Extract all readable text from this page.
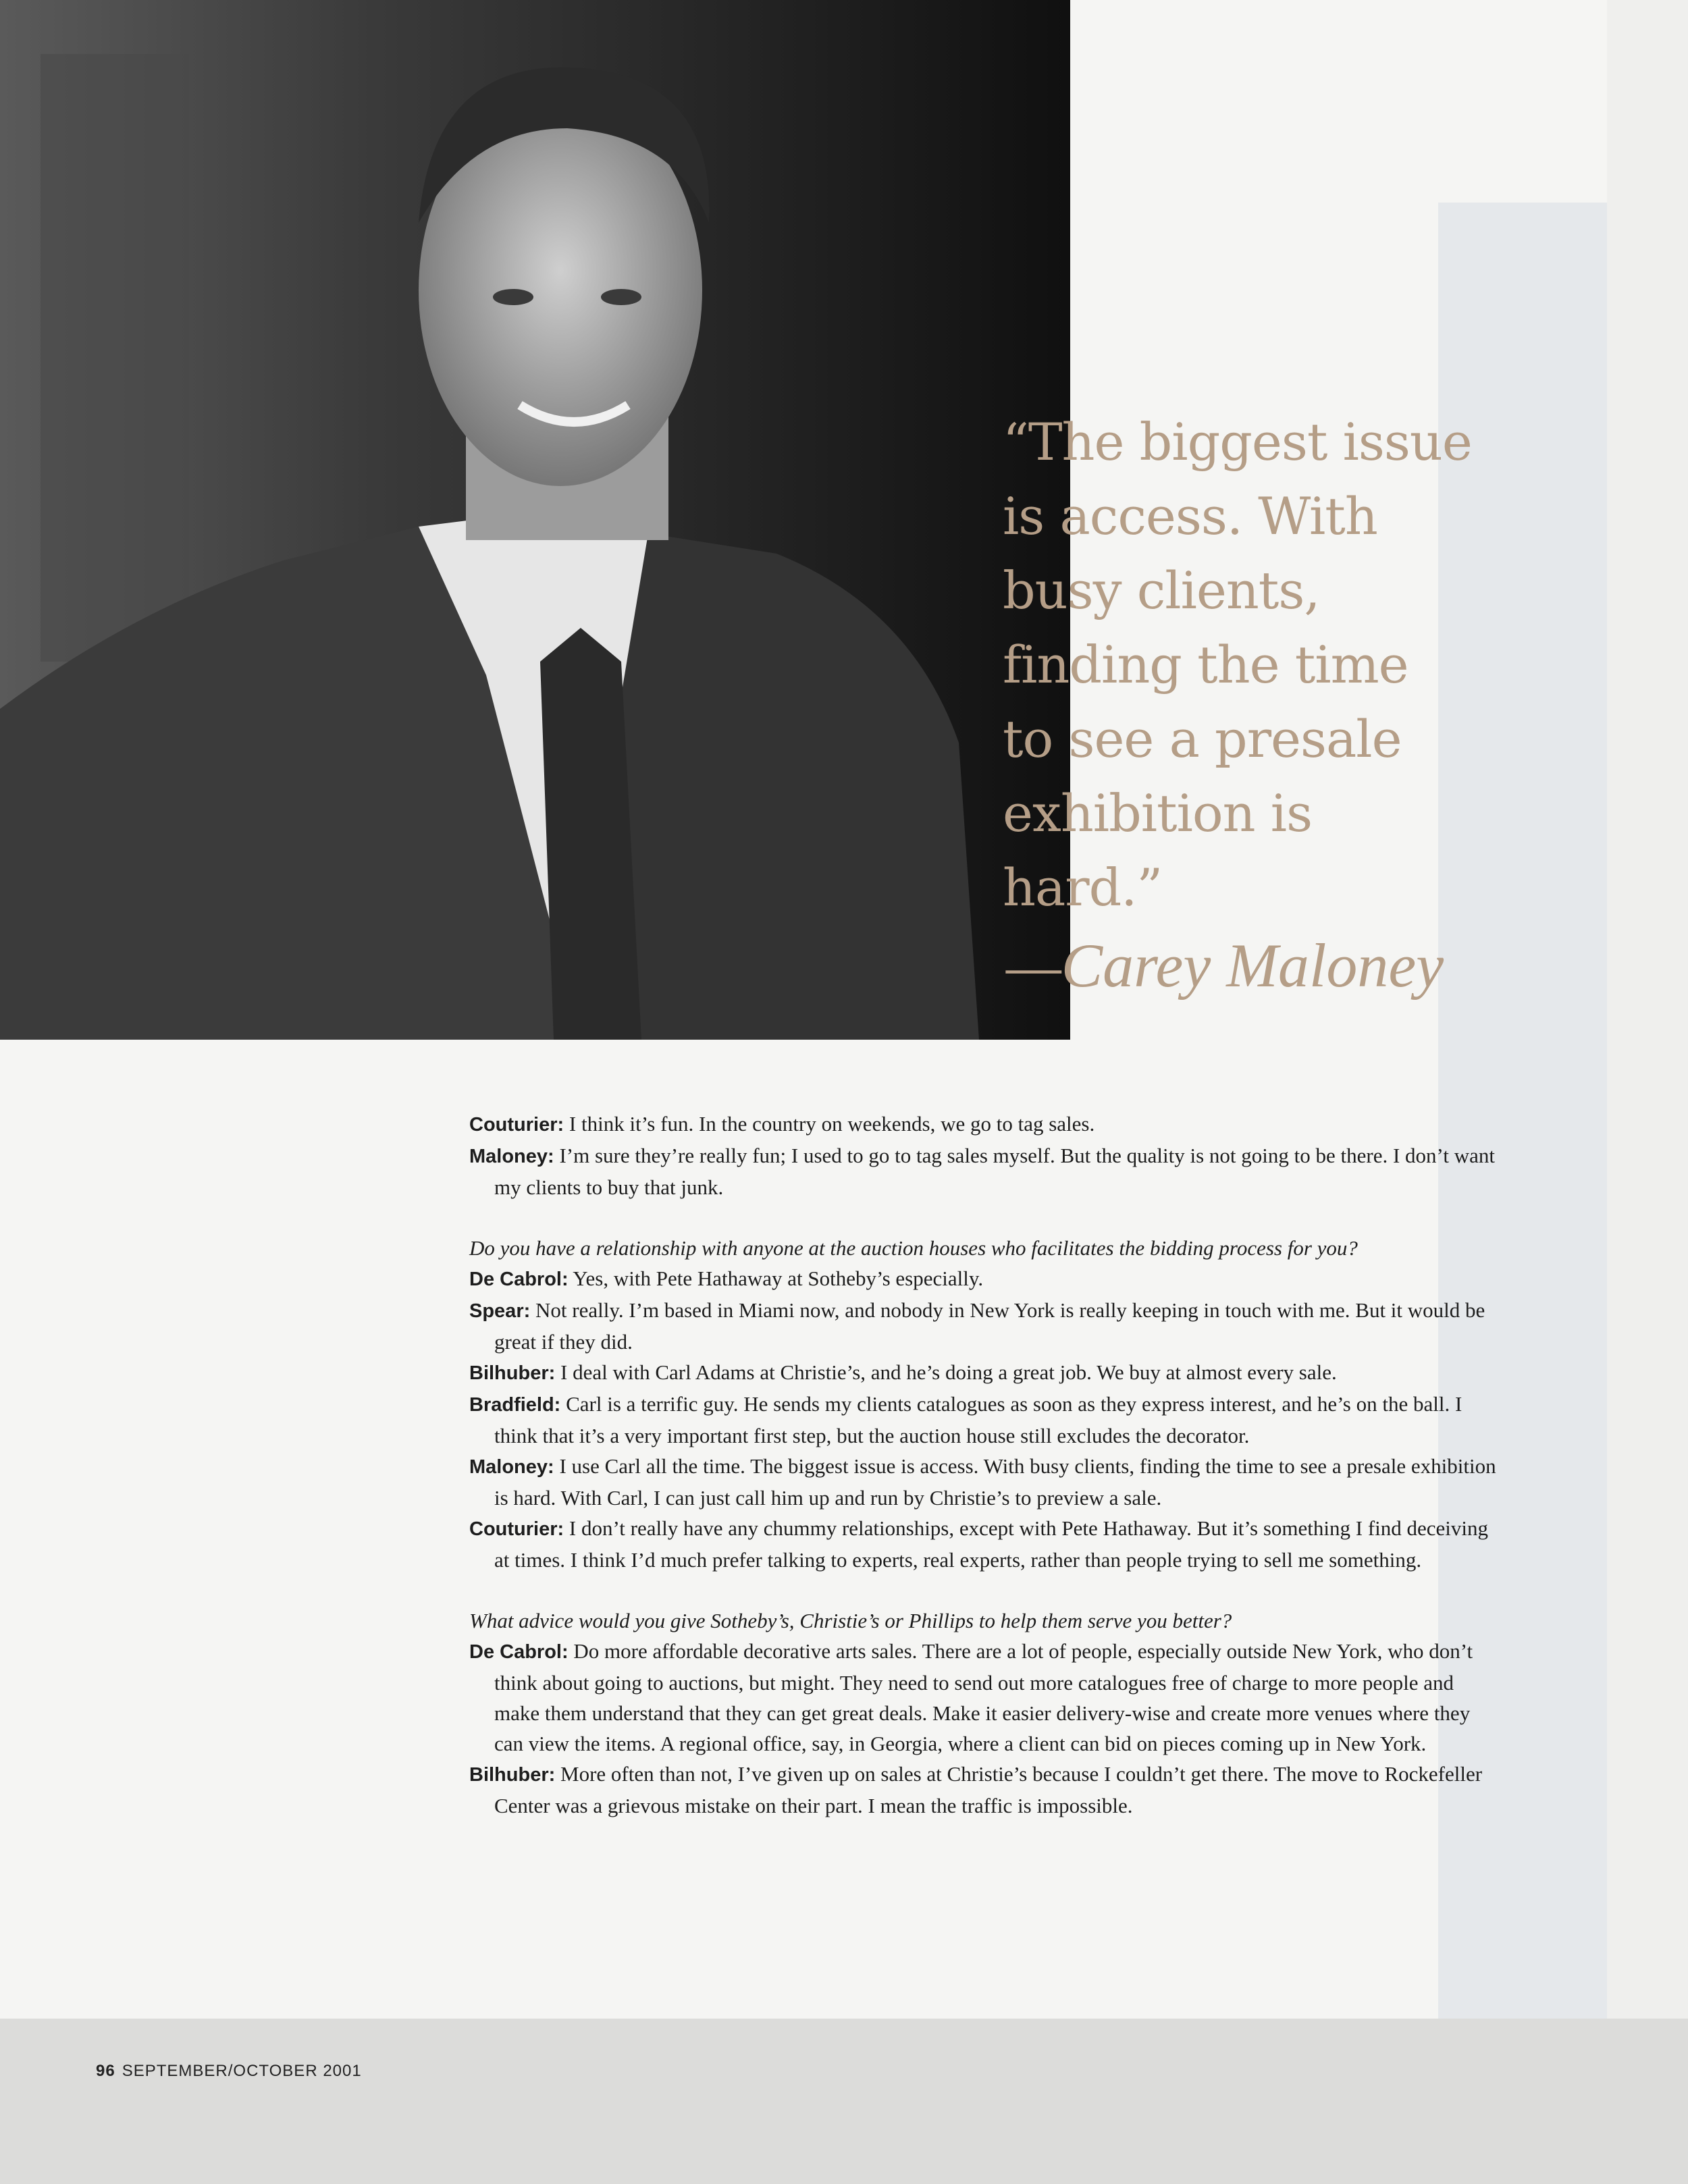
“The biggest issue
is access. With
busy clients,
finding the time
to see a presale
exhibition is
hard.”
—Carey Maloney

Couturier: I think it’s fun. In the country on weekends, we go to tag sales.

Maloney: I’m sure they’re really fun; I used to go to tag sales myself. But the quality is not going to be there. I don’t want my clients to buy that junk.

Do you have a relationship with anyone at the auction houses who facilitates the bidding process for you?

De Cabrol: Yes, with Pete Hathaway at Sotheby’s especially.

Spear: Not really. I’m based in Miami now, and nobody in New York is really keeping in touch with me. But it would be great if they did.

Bilhuber: I deal with Carl Adams at Christie’s, and he’s doing a great job. We buy at almost every sale.

Bradfield: Carl is a terrific guy. He sends my clients catalogues as soon as they express interest, and he’s on the ball. I think that it’s a very important first step, but the auction house still excludes the decorator.

Maloney: I use Carl all the time. The biggest issue is access. With busy clients, finding the time to see a presale exhibition is hard. With Carl, I can just call him up and run by Christie’s to preview a sale.

Couturier: I don’t really have any chummy relationships, except with Pete Hathaway. But it’s something I find deceiving at times. I think I’d much prefer talking to experts, real experts, rather than people trying to sell me something.

What advice would you give Sotheby’s, Christie’s or Phillips to help them serve you better?

De Cabrol: Do more affordable decorative arts sales. There are a lot of people, especially outside New York, who don’t think about going to auctions, but might. They need to send out more catalogues free of charge to more people and make them understand that they can get great deals. Make it easier delivery-wise and create more venues where they can view the items. A regional office, say, in Georgia, where a client can bid on pieces coming up in New York.

Bilhuber: More often than not, I’ve given up on sales at Christie’s because I couldn’t get there. The move to Rockefeller Center was a grievous mistake on their part. I mean the traffic is impossible.

96 SEPTEMBER/OCTOBER 2001
